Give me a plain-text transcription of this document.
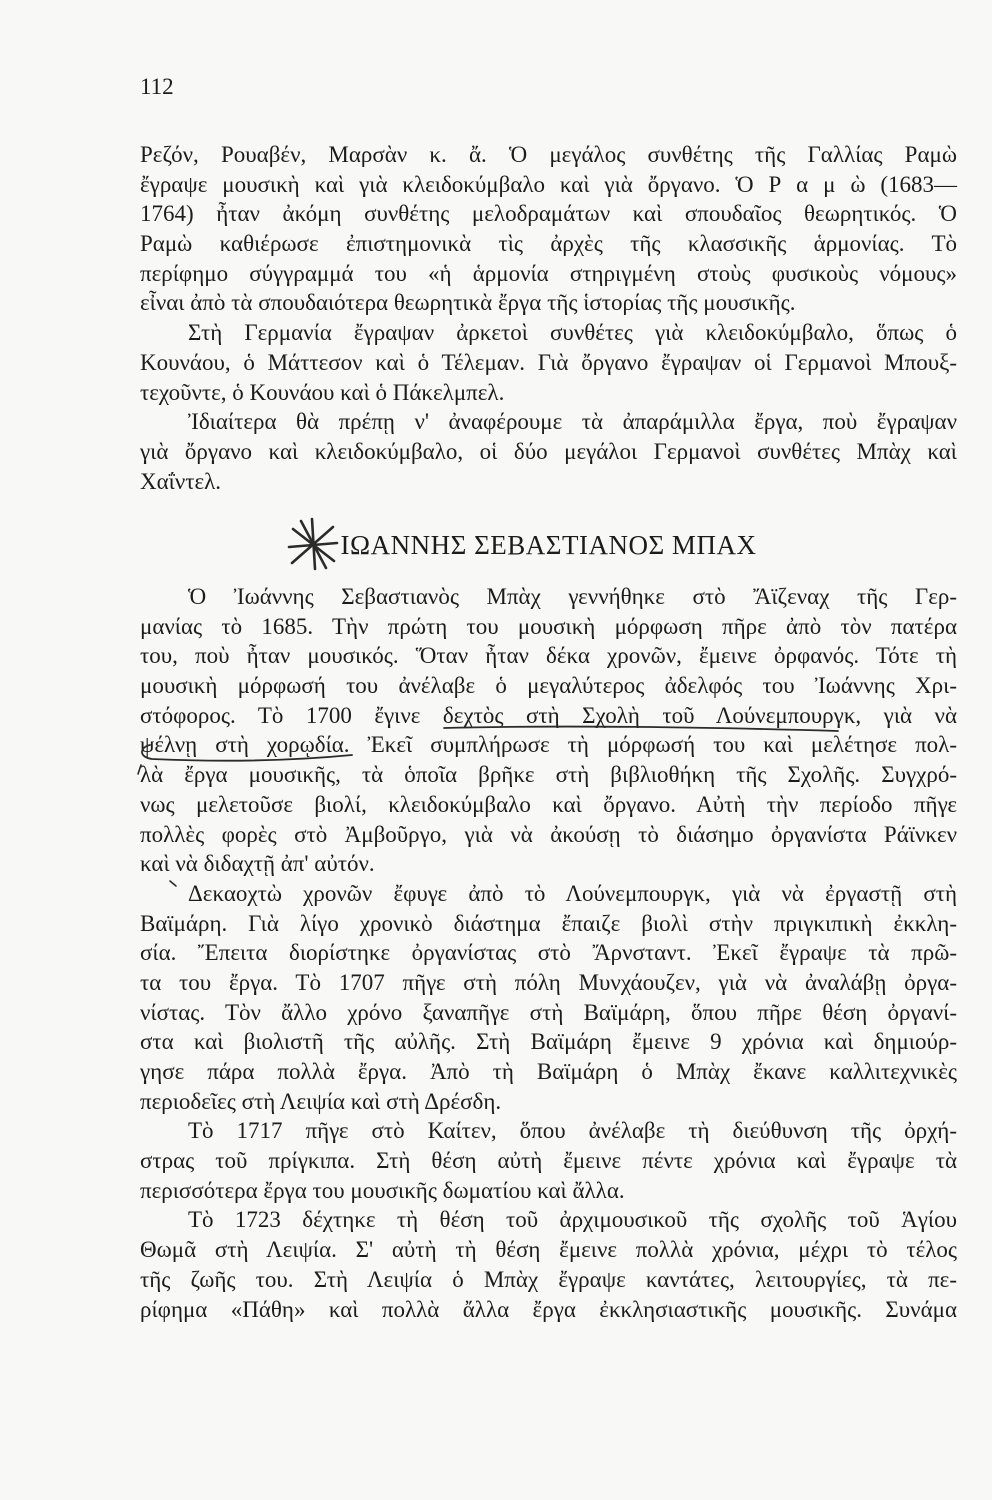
112
Ρεζόν, Ρουαβέν, Μαρσὰν κ. ἄ. Ὁ μεγάλος συνθέτης τῆς Γαλλίας Ραμὼ
ἔγραψε μουσικὴ καὶ γιὰ κλειδοκύμβαλο καὶ γιὰ ὄργανο. Ὁ Ρ α μ ὼ (1683—
1764) ἦταν ἀκόμη συνθέτης μελοδραμάτων καὶ σπουδαῖος θεωρητικός. Ὁ
Ραμὼ καθιέρωσε ἐπιστημονικὰ τὶς ἀρχὲς τῆς κλασσικῆς ἁρμονίας. Τὸ
περίφημο σύγγραμμά του «ἡ ἁρμονία στηριγμένη στοὺς φυσικοὺς νόμους»
εἶναι ἀπὸ τὰ σπουδαιότερα θεωρητικὰ ἔργα τῆς ἱστορίας τῆς μουσικῆς.
Στὴ Γερμανία ἔγραψαν ἀρκετοὶ συνθέτες γιὰ κλειδοκύμβαλο, ὅπως ὁ
Κουνάου, ὁ Μάττεσον καὶ ὁ Τέλεμαν. Γιὰ ὄργανο ἔγραψαν οἱ Γερμανοὶ Μπουξ-
τεχοῦντε, ὁ Κουνάου καὶ ὁ Πάκελμπελ.
Ἰδιαίτερα θὰ πρέπῃ ν' ἀναφέρουμε τὰ ἀπαράμιλλα ἔργα, ποὺ ἔγραψαν
γιὰ ὄργανο καὶ κλειδοκύμβαλο, οἱ δύο μεγάλοι Γερμανοὶ συνθέτες Μπὰχ καὶ
Χαΐντελ.
ΙΩΑΝΝΗΣ ΣΕΒΑΣΤΙΑΝΟΣ ΜΠΑΧ
Ὁ Ἰωάννης Σεβαστιανὸς Μπὰχ γεννήθηκε στὸ Ἄϊζεναχ τῆς Γερ-
μανίας τὸ 1685. Τὴν πρώτη του μουσικὴ μόρφωση πῆρε ἀπὸ τὸν πατέρα
του, ποὺ ἦταν μουσικός. Ὅταν ἦταν δέκα χρονῶν, ἔμεινε ὀρφανός. Τότε τὴ
μουσικὴ μόρφωσή του ἀνέλαβε ὁ μεγαλύτερος ἀδελφός του Ἰωάννης Χρι-
στόφορος. Τὸ 1700 ἔγινε δεχτὸς στὴ Σχολὴ τοῦ Λούνεμπουργκ, γιὰ νὰ
ψέλνῃ στὴ χορῳδία. Ἐκεῖ συμπλήρωσε τὴ μόρφωσή του καὶ μελέτησε πολ-
λὰ ἔργα μουσικῆς, τὰ ὁποῖα βρῆκε στὴ βιβλιοθήκη τῆς Σχολῆς. Συγχρό-
νως μελετοῦσε βιολί, κλειδοκύμβαλο καὶ ὄργανο. Αὐτὴ τὴν περίοδο πῆγε
πολλὲς φορὲς στὸ Ἀμβοῦργο, γιὰ νὰ ἀκούσῃ τὸ διάσημο ὀργανίστα Ράϊνκεν
καὶ νὰ διδαχτῇ ἀπ' αὐτόν.
Δεκαοχτὼ χρονῶν ἔφυγε ἀπὸ τὸ Λούνεμπουργκ, γιὰ νὰ ἐργαστῇ στὴ
Βαϊμάρη. Γιὰ λίγο χρονικὸ διάστημα ἔπαιζε βιολὶ στὴν πριγκιπικὴ ἐκκλη-
σία. Ἔπειτα διορίστηκε ὀργανίστας στὸ Ἄρνσταντ. Ἐκεῖ ἔγραψε τὰ πρῶ-
τα του ἔργα. Τὸ 1707 πῆγε στὴ πόλη Μυνχάουζεν, γιὰ νὰ ἀναλάβῃ ὀργα-
νίστας. Τὸν ἄλλο χρόνο ξαναπῆγε στὴ Βαϊμάρη, ὅπου πῆρε θέση ὀργανί-
στα καὶ βιολιστῆ τῆς αὐλῆς. Στὴ Βαϊμάρη ἔμεινε 9 χρόνια καὶ δημιούρ-
γησε πάρα πολλὰ ἔργα. Ἀπὸ τὴ Βαϊμάρη ὁ Μπὰχ ἔκανε καλλιτεχνικὲς
περιοδεῖες στὴ Λειψία καὶ στὴ Δρέσδη.
Τὸ 1717 πῆγε στὸ Καίτεν, ὅπου ἀνέλαβε τὴ διεύθυνση τῆς ὀρχή-
στρας τοῦ πρίγκιπα. Στὴ θέση αὐτὴ ἔμεινε πέντε χρόνια καὶ ἔγραψε τὰ
περισσότερα ἔργα του μουσικῆς δωματίου καὶ ἄλλα.
Τὸ 1723 δέχτηκε τὴ θέση τοῦ ἀρχιμουσικοῦ τῆς σχολῆς τοῦ Ἁγίου
Θωμᾶ στὴ Λειψία. Σ' αὐτὴ τὴ θέση ἔμεινε πολλὰ χρόνια, μέχρι τὸ τέλος
τῆς ζωῆς του. Στὴ Λειψία ὁ Μπὰχ ἔγραψε καντάτες, λειτουργίες, τὰ πε-
ρίφημα «Πάθη» καὶ πολλὰ ἄλλα ἔργα ἐκκλησιαστικῆς μουσικῆς. Συνάμα
